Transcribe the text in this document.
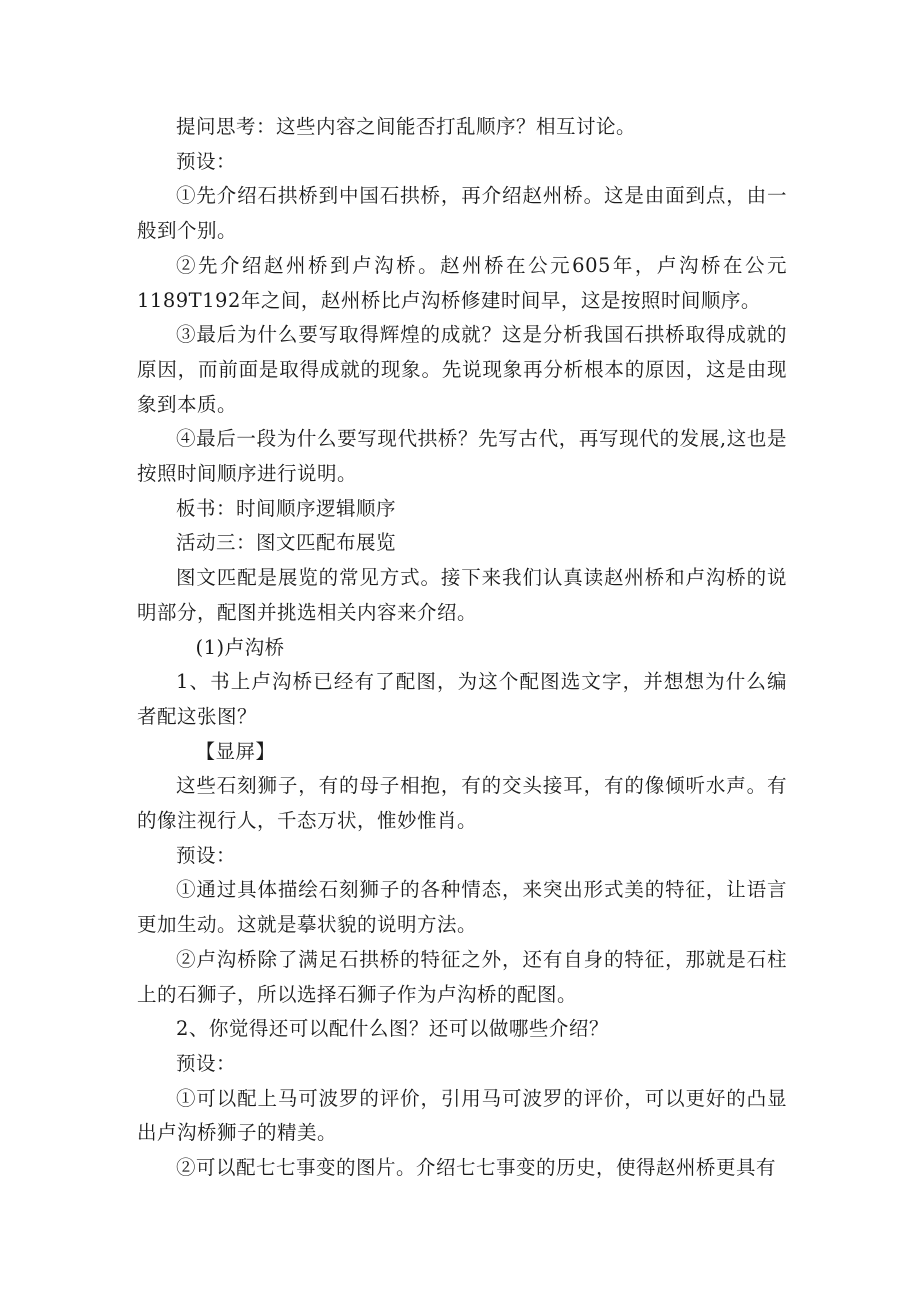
提问思考：这些内容之间能否打乱顺序？相互讨论。

预设：

①先介绍石拱桥到中国石拱桥，再介绍赵州桥。这是由面到点，由一般到个别。

②先介绍赵州桥到卢沟桥。赵州桥在公元605年，卢沟桥在公元1189T192年之间，赵州桥比卢沟桥修建时间早，这是按照时间顺序。

③最后为什么要写取得辉煌的成就？这是分析我国石拱桥取得成就的原因，而前面是取得成就的现象。先说现象再分析根本的原因，这是由现象到本质。

④最后一段为什么要写现代拱桥？先写古代，再写现代的发展,这也是按照时间顺序进行说明。

板书：时间顺序逻辑顺序

活动三：图文匹配布展览

图文匹配是展览的常见方式。接下来我们认真读赵州桥和卢沟桥的说明部分，配图并挑选相关内容来介绍。

(1)卢沟桥

1、书上卢沟桥已经有了配图，为这个配图选文字，并想想为什么编者配这张图？

【显屏】

这些石刻狮子，有的母子相抱，有的交头接耳，有的像倾听水声。有的像注视行人，千态万状，惟妙惟肖。

预设：

①通过具体描绘石刻狮子的各种情态，来突出形式美的特征，让语言更加生动。这就是摹状貌的说明方法。

②卢沟桥除了满足石拱桥的特征之外，还有自身的特征，那就是石柱上的石狮子，所以选择石狮子作为卢沟桥的配图。

2、你觉得还可以配什么图？还可以做哪些介绍？

预设：

①可以配上马可波罗的评价，引用马可波罗的评价，可以更好的凸显出卢沟桥狮子的精美。

②可以配七七事变的图片。介绍七七事变的历史，使得赵州桥更具有
